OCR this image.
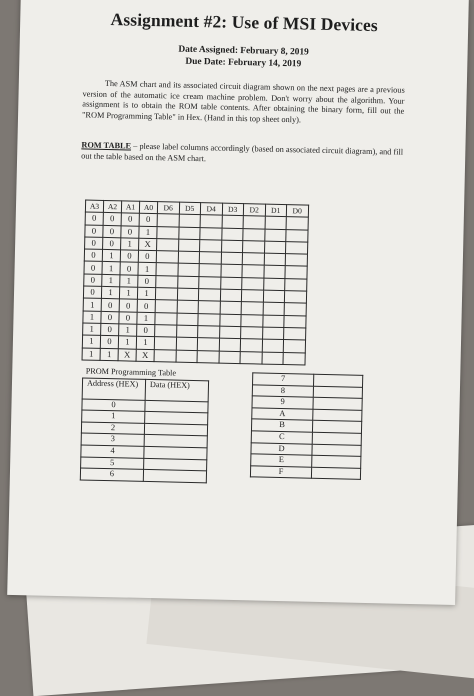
Assignment #2: Use of MSI Devices
Date Assigned: February 8, 2019
Due Date: February 14, 2019
The ASM chart and its associated circuit diagram shown on the next pages are a previous version of the automatic ice cream machine problem. Don't worry about the algorithm. Your assignment is to obtain the ROM table contents. After obtaining the binary form, fill out the "ROM Programming Table" in Hex. (Hand in this top sheet only).
ROM TABLE – please label columns accordingly (based on associated circuit diagram), and fill out the table based on the ASM chart.
A3	A2	A1	A0	D6	D5	D4	D3	D2	D1	D0
0	0	0	0							
0	0	0	1							
0	0	1	X							
0	1	0	0							
0	1	0	1							
0	1	1	0							
0	1	1	1							
1	0	0	0							
1	0	0	1							
1	0	1	0							
1	0	1	1							
1	1	X	X							
PROM Programming Table	

Address (HEX)	Data (HEX)
0	
1	
2	
3	
4	
5	
6	
7	
8	
9	
A	
B	
C	
D	
E	
F	
